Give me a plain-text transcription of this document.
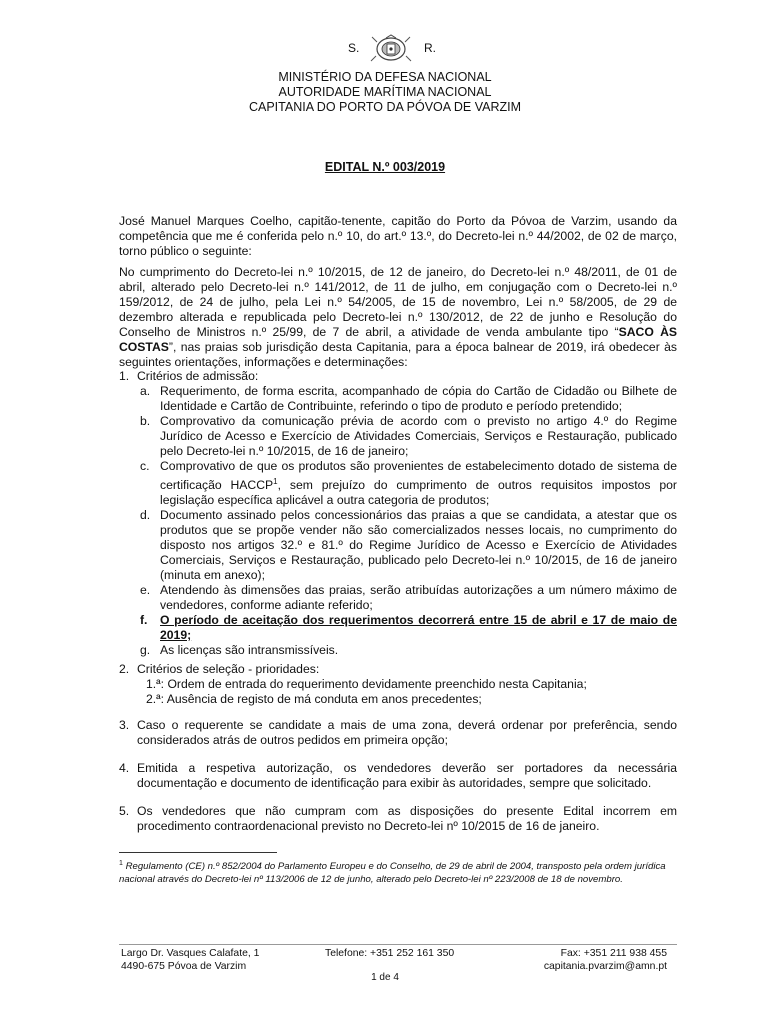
S.	R.
MINISTÉRIO DA DEFESA NACIONAL
AUTORIDADE MARÍTIMA NACIONAL
CAPITANIA DO PORTO DA PÓVOA DE VARZIM
EDITAL N.º 003/2019
José Manuel Marques Coelho, capitão-tenente, capitão do Porto da Póvoa de Varzim, usando da competência que me é conferida pelo n.º 10, do art.º 13.º, do Decreto-lei n.º 44/2002, de 02 de março, torno público o seguinte:
No cumprimento do Decreto-lei n.º 10/2015, de 12 de janeiro, do Decreto-lei n.º 48/2011, de 01 de abril, alterado pelo Decreto-lei n.º 141/2012, de 11 de julho, em conjugação com o Decreto-lei n.º 159/2012, de 24 de julho, pela Lei n.º 54/2005, de 15 de novembro, Lei n.º 58/2005, de 29 de dezembro alterada e republicada pelo Decreto-lei n.º 130/2012, de 22 de junho e Resolução do Conselho de Ministros n.º 25/99, de 7 de abril, a atividade de venda ambulante tipo “SACO ÀS COSTAS”, nas praias sob jurisdição desta Capitania, para a época balnear de 2019, irá obedecer às seguintes orientações, informações e determinações:
1. Critérios de admissão:
a. Requerimento, de forma escrita, acompanhado de cópia do Cartão de Cidadão ou Bilhete de Identidade e Cartão de Contribuinte, referindo o tipo de produto e período pretendido;
b. Comprovativo da comunicação prévia de acordo com o previsto no artigo 4.º do Regime Jurídico de Acesso e Exercício de Atividades Comerciais, Serviços e Restauração, publicado pelo Decreto-lei n.º 10/2015, de 16 de janeiro;
c. Comprovativo de que os produtos são provenientes de estabelecimento dotado de sistema de certificação HACCP$^1$, sem prejuízo do cumprimento de outros requisitos impostos por legislação específica aplicável a outra categoria de produtos;
d. Documento assinado pelos concessionários das praias a que se candidata, a atestar que os produtos que se propõe vender não são comercializados nesses locais, no cumprimento do disposto nos artigos 32.º e 81.º do Regime Jurídico de Acesso e Exercício de Atividades Comerciais, Serviços e Restauração, publicado pelo Decreto-lei n.º 10/2015, de 16 de janeiro (minuta em anexo);
e. Atendendo às dimensões das praias, serão atribuídas autorizações a um número máximo de vendedores, conforme adiante referido;
f. O período de aceitação dos requerimentos decorrerá entre 15 de abril e 17 de maio de 2019;
g. As licenças são intransmissíveis.
2. Critérios de seleção - prioridades:
1.ª: Ordem de entrada do requerimento devidamente preenchido nesta Capitania;
2.ª: Ausência de registo de má conduta em anos precedentes;
3. Caso o requerente se candidate a mais de uma zona, deverá ordenar por preferência, sendo considerados atrás de outros pedidos em primeira opção;
4. Emitida a respetiva autorização, os vendedores deverão ser portadores da necessária documentação e documento de identificação para exibir às autoridades, sempre que solicitado.
5. Os vendedores que não cumpram com as disposições do presente Edital incorrem em procedimento contraordenacional previsto no Decreto-lei nº 10/2015 de 16 de janeiro.
$^1$ Regulamento (CE) n.º 852/2004 do Parlamento Europeu e do Conselho, de 29 de abril de 2004, transposto pela ordem jurídica nacional através do Decreto-lei nº 113/2006 de 12 de junho, alterado pelo Decreto-lei nº 223/2008 de 18 de novembro.
Largo Dr. Vasques Calafate, 1
4490-675 Póvoa de Varzim
Telefone: +351 252 161 350	Fax: +351 211 938 455
capitania.pvarzim@amn.pt
1 de 4
